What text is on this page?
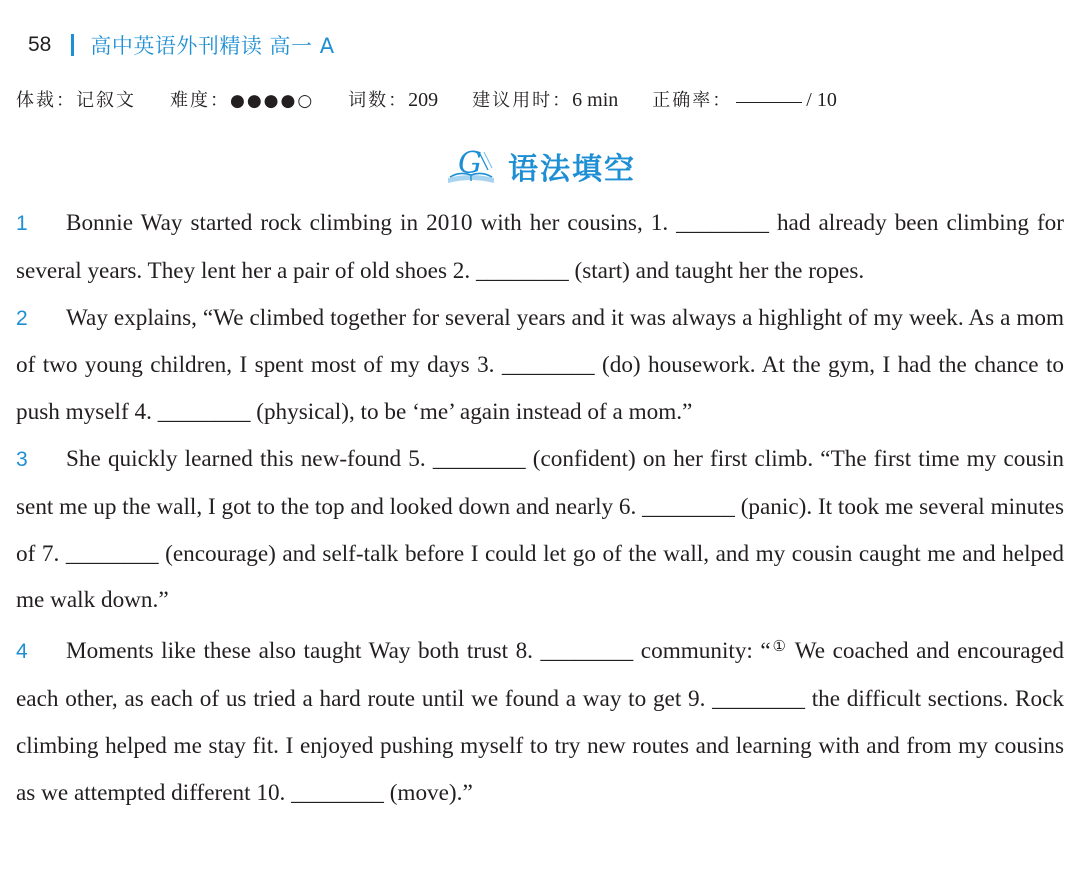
58 高中英语外刊精读 高一 A
体裁： 记叙文 难度： ●●●●○ 词数： 209 建议用时： 6 min 正确率：	/ 10
G 语法填空

1 Bonnie Way started rock climbing in 2010 with her cousins, 1. ________ had already been climbing for several years. They lent her a pair of old shoes 2. ________ (start) and taught her the ropes.

2 Way explains, “We climbed together for several years and it was always a highlight of my week. As a mom of two young children, I spent most of my days 3. ________ (do) housework. At the gym, I had the chance to push myself 4. ________ (physical), to be ‘me’ again instead of a mom.”

3 She quickly learned this new-found 5. ________ (confident) on her first climb. “The first time my cousin sent me up the wall, I got to the top and looked down and nearly 6. ________ (panic). It took me several minutes of 7. ________ (encourage) and self-talk before I could let go of the wall, and my cousin caught me and helped me walk down.”

4 Moments like these also taught Way both trust 8. ________ community: “① We coached and encouraged each other, as each of us tried a hard route until we found a way to get 9. ________ the difficult sections. Rock climbing helped me stay fit. I enjoyed pushing myself to try new routes and learning with and from my cousins as we attempted different 10. ________ (move).”
